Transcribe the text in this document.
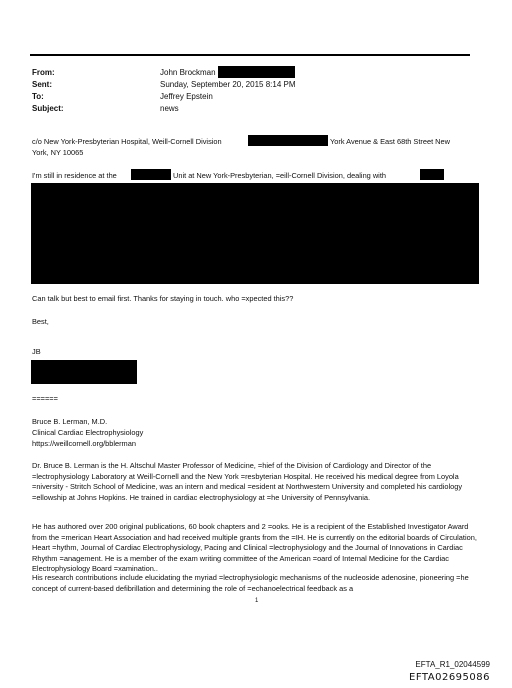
From:	John Brockman
Sent:	Sunday, September 20, 2015 8:14 PM
To:	Jeffrey Epstein
Subject:	news
c/o New York-Presbyterian Hospital, Weill-Cornell Division	York Avenue & East 68th Street New
York, NY 10065
I'm still in residence at the	Unit at New York-Presbyterian, =eill-Cornell Division, dealing with
Can talk but best to email first. Thanks for staying in touch. who =xpected this??
Best,
JB
======
Bruce B. Lerman, M.D.
Clinical Cardiac Electrophysiology
https://weillcornell.org/bblerman
Dr. Bruce B. Lerman is the H. Altschul Master Professor of Medicine, =hief of the Division of Cardiology and Director of the =lectrophysiology Laboratory at Weill-Cornell and the New York =resbyterian Hospital. He received his medical degree from Loyola =niversity - Stritch School of Medicine, was an intern and medical =esident at Northwestern University and completed his cardiology =ellowship at Johns Hopkins. He trained in cardiac electrophysiology at =he University of Pennsylvania.
He has authored over 200 original publications, 60 book chapters and 2 =ooks. He is a recipient of the Established Investigator Award from the =merican Heart Association and had received multiple grants from the =IH. He is currently on the editorial boards of Circulation, Heart =hythm, Journal of Cardiac Electrophysiology, Pacing and Clinical =lectrophysiology and the Journal of Innovations in Cardiac Rhythm =anagement. He is a member of the exam writing committee of the American =oard of Internal Medicine for the Cardiac Electrophysiology Board =xamination..
His research contributions include elucidating the myriad =lectrophysiologic mechanisms of the nucleoside adenosine, pioneering =he concept of current-based defibrillation and determining the role of =echanoelectrical feedback as a
1
EFTA_R1_02044599
EFTA02695086
